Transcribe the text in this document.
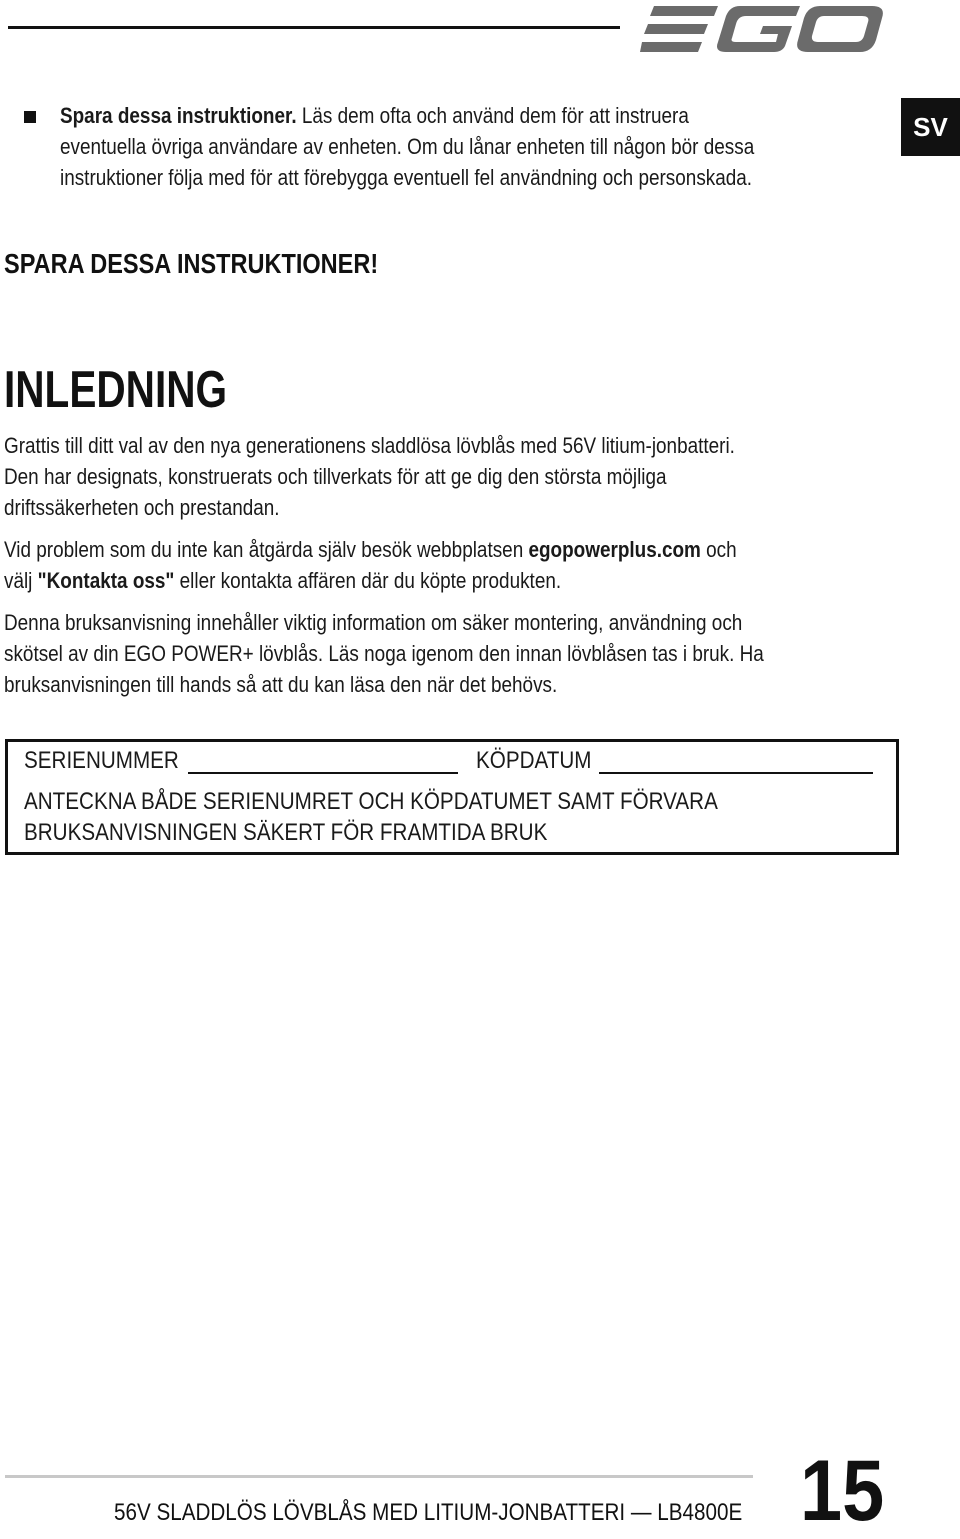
SV
Spara dessa instruktioner. Läs dem ofta och använd dem för att instruera
eventuella övriga användare av enheten. Om du lånar enheten till någon bör dessa
instruktioner följa med för att förebygga eventuell fel användning och personskada.
SPARA DESSA INSTRUKTIONER!
INLEDNING
Grattis till ditt val av den nya generationens sladdlösa lövblås med 56V litium-jonbatteri.
Den har designats, konstruerats och tillverkats för att ge dig den största möjliga
driftssäkerheten och prestandan.
Vid problem som du inte kan åtgärda själv besök webbplatsen egopowerplus.com och
välj "Kontakta oss" eller kontakta affären där du köpte produkten.
Denna bruksanvisning innehåller viktig information om säker montering, användning och
skötsel av din EGO POWER+ lövblås. Läs noga igenom den innan lövblåsen tas i bruk. Ha
bruksanvisningen till hands så att du kan läsa den när det behövs.
SERIENUMMER	KÖPDATUM
ANTECKNA BÅDE SERIENUMRET OCH KÖPDATUMET SAMT FÖRVARA
BRUKSANVISNINGEN SÄKERT FÖR FRAMTIDA BRUK
56V SLADDLÖS LÖVBLÅS MED LITIUM-JONBATTERI — LB4800E 15
